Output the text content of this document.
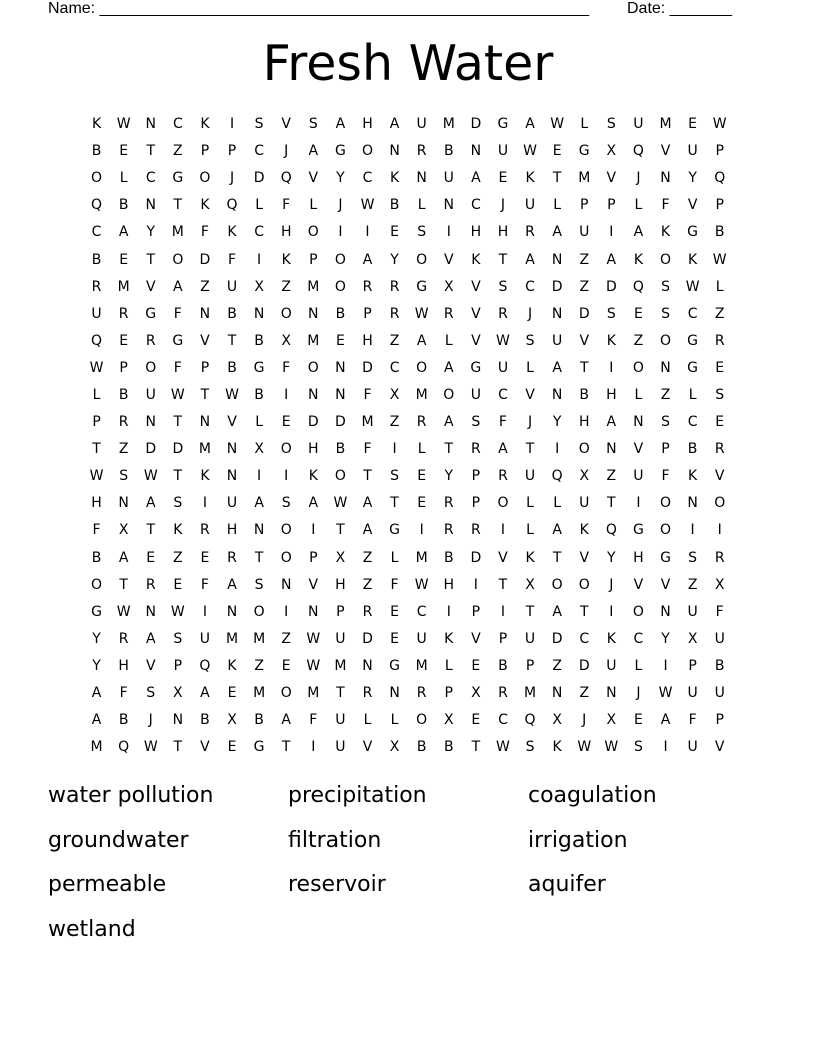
Name: _______________________________________________________ Date: _______
Fresh Water
K	W	N	C	K	I	S	V	S	A	H	A	U	M	D	G	A	W	L	S	U	M	E	W
B	E	T	Z	P	P	C	J	A	G	O	N	R	B	N	U	W	E	G	X	Q	V	U	P
O	L	C	G	O	J	D	Q	V	Y	C	K	N	U	A	E	K	T	M	V	J	N	Y	Q
Q	B	N	T	K	Q	L	F	L	J	W	B	L	N	C	J	U	L	P	P	L	F	V	P
C	A	Y	M	F	K	C	H	O	I	I	E	S	I	H	H	R	A	U	I	A	K	G	B
B	E	T	O	D	F	I	K	P	O	A	Y	O	V	K	T	A	N	Z	A	K	O	K	W
R	M	V	A	Z	U	X	Z	M	O	R	R	G	X	V	S	C	D	Z	D	Q	S	W	L
U	R	G	F	N	B	N	O	N	B	P	R	W	R	V	R	J	N	D	S	E	S	C	Z
Q	E	R	G	V	T	B	X	M	E	H	Z	A	L	V	W	S	U	V	K	Z	O	G	R
W	P	O	F	P	B	G	F	O	N	D	C	O	A	G	U	L	A	T	I	O	N	G	E
L	B	U	W	T	W	B	I	N	N	F	X	M	O	U	C	V	N	B	H	L	Z	L	S
P	R	N	T	N	V	L	E	D	D	M	Z	R	A	S	F	J	Y	H	A	N	S	C	E
T	Z	D	D	M	N	X	O	H	B	F	I	L	T	R	A	T	I	O	N	V	P	B	R
W	S	W	T	K	N	I	I	K	O	T	S	E	Y	P	R	U	Q	X	Z	U	F	K	V
H	N	A	S	I	U	A	S	A	W	A	T	E	R	P	O	L	L	U	T	I	O	N	O
F	X	T	K	R	H	N	O	I	T	A	G	I	R	R	I	L	A	K	Q	G	O	I	I
B	A	E	Z	E	R	T	O	P	X	Z	L	M	B	D	V	K	T	V	Y	H	G	S	R
O	T	R	E	F	A	S	N	V	H	Z	F	W	H	I	T	X	O	O	J	V	V	Z	X
G	W	N	W	I	N	O	I	N	P	R	E	C	I	P	I	T	A	T	I	O	N	U	F
Y	R	A	S	U	M	M	Z	W	U	D	E	U	K	V	P	U	D	C	K	C	Y	X	U
Y	H	V	P	Q	K	Z	E	W	M	N	G	M	L	E	B	P	Z	D	U	L	I	P	B
A	F	S	X	A	E	M	O	M	T	R	N	R	P	X	R	M	N	Z	N	J	W	U	U
A	B	J	N	B	X	B	A	F	U	L	L	O	X	E	C	Q	X	J	X	E	A	F	P
M	Q	W	T	V	E	G	T	I	U	V	X	B	B	T	W	S	K	W W	S	I	U	V
water pollution	precipitation	coagulation
groundwater	filtration	irrigation
permeable	reservoir	aquifer
wetland
